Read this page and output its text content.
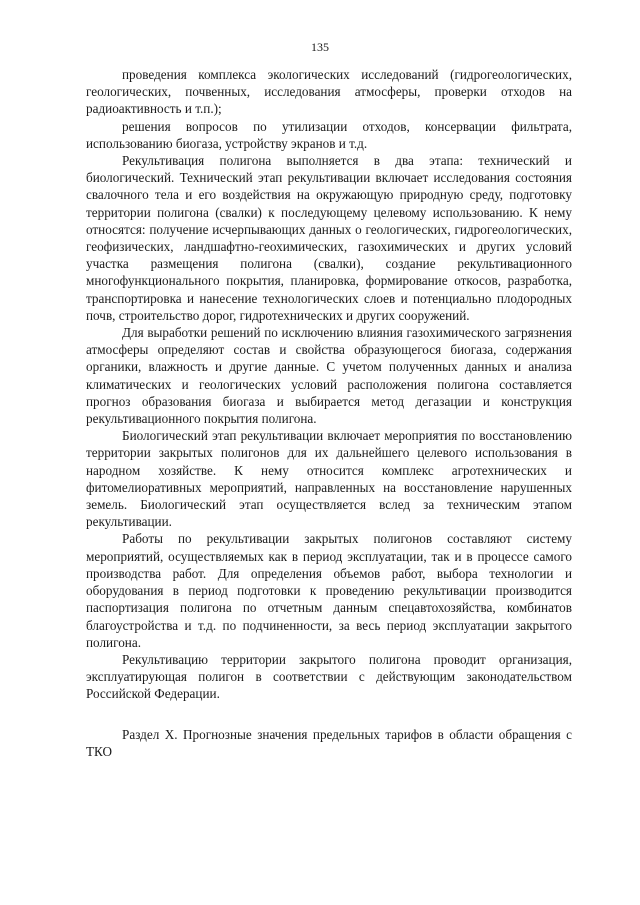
135

проведения комплекса экологических исследований (гидрогеологических, геологических, почвенных, исследования атмосферы, проверки отходов на радиоактивность и т.п.);

решения вопросов по утилизации отходов, консервации фильтрата, использованию биогаза, устройству экранов и т.д.

Рекультивация полигона выполняется в два этапа: технический и биологический. Технический этап рекультивации включает исследования состояния свалочного тела и его воздействия на окружающую природную среду, подготовку территории полигона (свалки) к последующему целевому использованию. К нему относятся: получение исчерпывающих данных о геологических, гидрогеологических, геофизических, ландшафтно-геохимических, газохимических и других условий участка размещения полигона (свалки), создание рекультивационного многофункционального покрытия, планировка, формирование откосов, разработка, транспортировка и нанесение технологических слоев и потенциально плодородных почв, строительство дорог, гидротехнических и других сооружений.

Для выработки решений по исключению влияния газохимического загрязнения атмосферы определяют состав и свойства образующегося биогаза, содержания органики, влажность и другие данные. С учетом полученных данных и анализа климатических и геологических условий расположения полигона составляется прогноз образования биогаза и выбирается метод дегазации и конструкция рекультивационного покрытия полигона.

Биологический этап рекультивации включает мероприятия по восстановлению территории закрытых полигонов для их дальнейшего целевого использования в народном хозяйстве. К нему относится комплекс агротехнических и фитомелиоративных мероприятий, направленных на восстановление нарушенных земель. Биологический этап осуществляется вслед за техническим этапом рекультивации.

Работы по рекультивации закрытых полигонов составляют систему мероприятий, осуществляемых как в период эксплуатации, так и в процессе самого производства работ. Для определения объемов работ, выбора технологии и оборудования в период подготовки к проведению рекультивации производится паспортизация полигона по отчетным данным спецавтохозяйства, комбинатов благоустройства и т.д. по подчиненности, за весь период эксплуатации закрытого полигона.

Рекультивацию территории закрытого полигона проводит организация, эксплуатирующая полигон в соответствии с действующим законодательством Российской Федерации.

Раздел X. Прогнозные значения предельных тарифов в области обращения с ТКО
